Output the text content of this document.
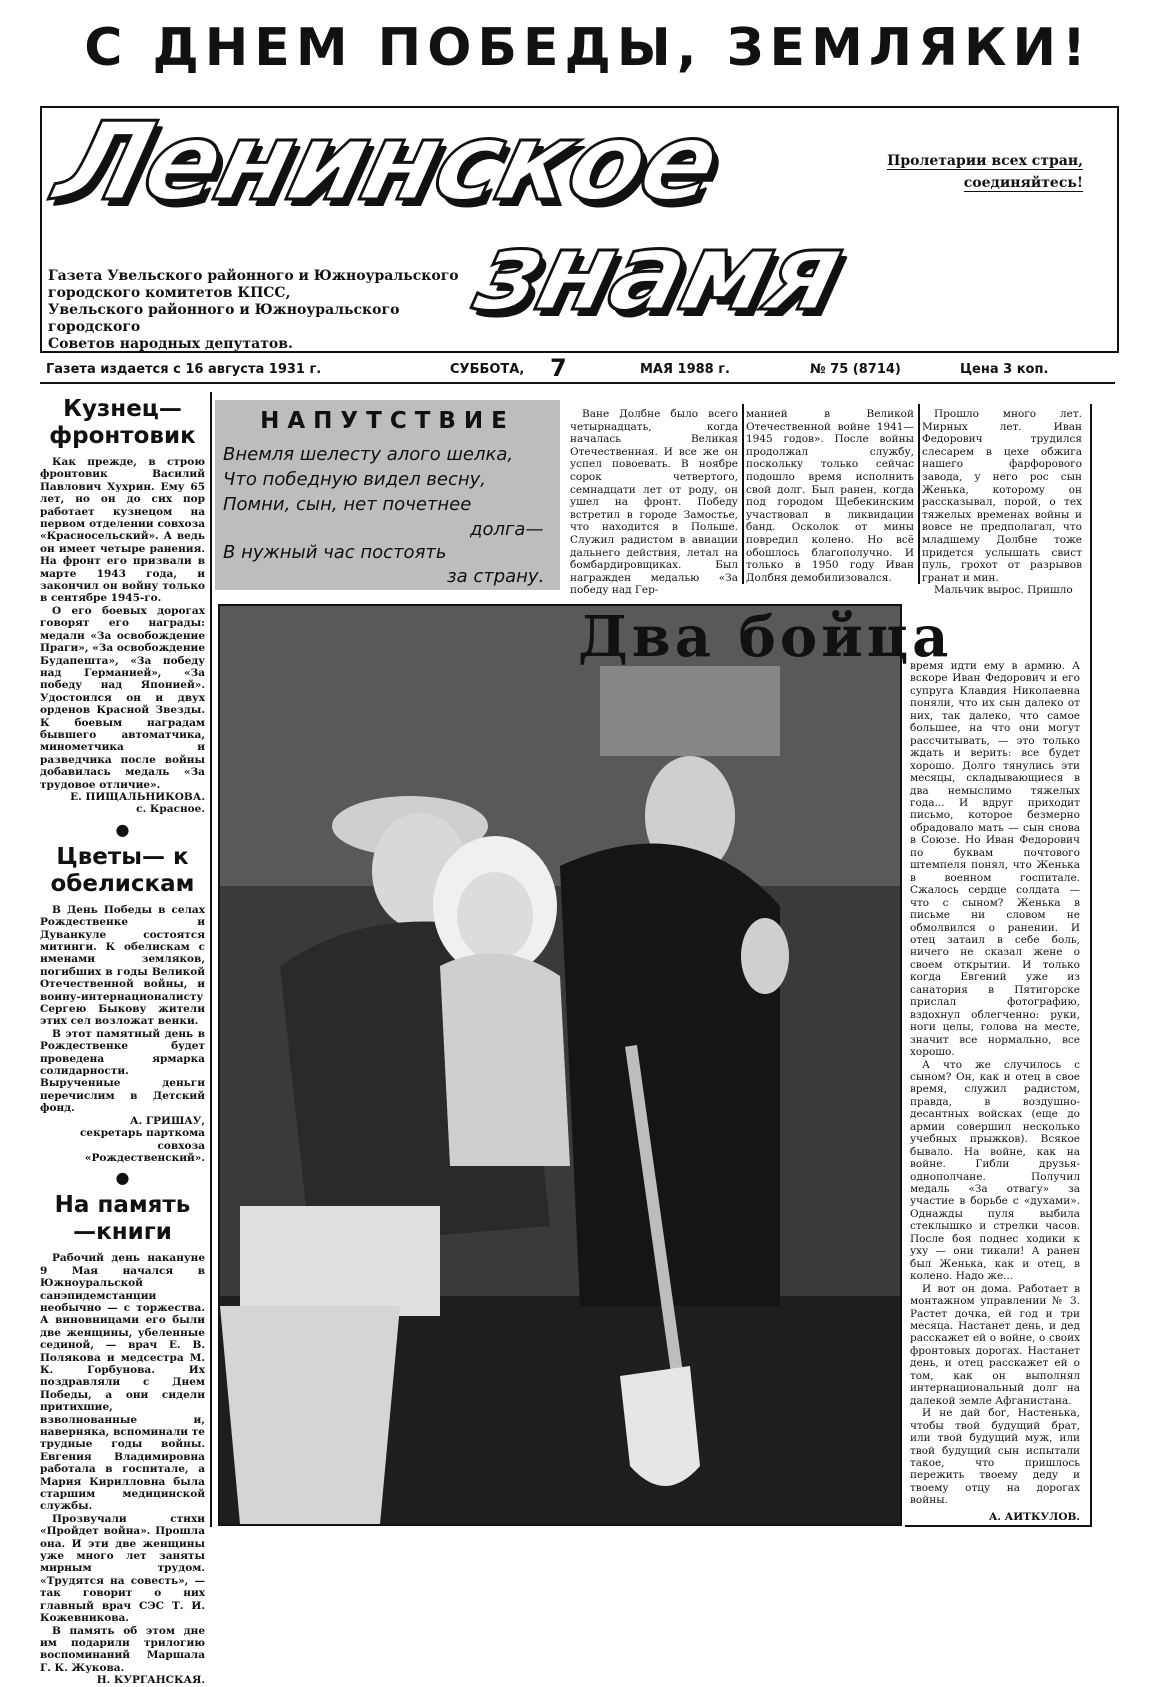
С ДНЕМ ПОБЕДЫ, ЗЕМЛЯКИ!
Ленинское
знамя
Пролетарии всех стран,
соединяйтесь!
Газета Увельского районного и Южноуральского
городского комитетов КПСС,
Увельского районного и Южноуральского городского
Советов народных депутатов.
Газета издается с 16 августа 1931 г.	СУББОТА, 7	МАЯ 1988 г.	№ 75 (8714)	Цена 3 коп.
Кузнец— фронтовик

Как прежде, в строю фронтовик Василий Павлович Хухрин. Ему 65 лет, но он до сих пор работает кузнецом на первом отделении совхоза «Красносельский». А ведь он имеет четыре ранения. На фронт его призвали в марте 1943 года, и закончил он войну только в сентябре 1945-го.

О его боевых дорогах говорят его награды: медали «За освобождение Праги», «За освобождение Будапешта», «За победу над Германией», «За победу над Японией». Удостоился он и двух орденов Красной Звезды. К боевым наградам бывшего автоматчика, минометчика и разведчика после войны добавилась медаль «За трудовое отличие».

Е. ПИЩАЛЬНИКОВА.

с. Красное.

●
Цветы— к обелискам

В День Победы в селах Рождественке и Дуванкуле состоятся митинги. К обелискам с именами земляков, погибших в годы Великой Отечественной войны, и воину-интернационалисту Сергею Быкову жители этих сел возложат венки.

В этот памятный день в Рождественке будет проведена ярмарка солидарности. Вырученные деньги перечислим в Детский фонд.

А. ГРИШАУ,

секретарь парткома совхоза «Рождественский».

●
На память —книги

Рабочий день накануне 9 Мая начался в Южноуральской санэпидемстанции необычно — с торжества. А виновницами его были две женщины, убеленные сединой, — врач Е. В. Полякова и медсестра М. К. Горбунова. Их поздравляли с Днем Победы, а они сидели притихшие, взволнованные и, наверняка, вспоминали те трудные годы войны. Евгения Владимировна работала в госпитале, а Мария Кирилловна была старшим медицинской службы.

Прозвучали стихи «Пройдет война». Прошла она. И эти две женщины уже много лет заняты мирным трудом. «Трудятся на совесть», — так говорит о них главный врач СЭС Т. И. Кожевникова.

В память об этом дне им подарили трилогию воспоминаний Маршала Г. К. Жукова.

Н. КУРГАНСКАЯ.

НАПУТСТВИЕ
Внемля шелесту алого шелка,
Что победную видел весну,
Помни, сын, нет почетнее
долга—
В нужный час постоять
за страну.

Ване Долбне было всего четырнадцать, когда началась Великая Отечественная. И все же он успел повоевать. В ноябре сорок четвертого, семнадцати лет от роду, он ушел на фронт. Победу встретил в городе Замостье, что находится в Польше. Служил радистом в авиации дальнего действия, летал на бомбардировщиках. Был награжден медалью «За победу над Гер-

манией в Великой Отечественной войне 1941—1945 годов». После войны продолжал службу, поскольку только сейчас подошло время исполнить свой долг. Был ранен, когда под городом Щебекинским участвовал в ликвидации банд. Осколок от мины повредил колено. Но всё обошлось благополучно. И только в 1950 году Иван Долбня демобилизовался.

Прошло много лет. Мирных лет. Иван Федорович трудился слесарем в цехе обжига нашего фарфорового завода, у него рос сын Женька, которому он рассказывал, порой, о тех тяжелых временах войны и вовсе не предполагал, что младшему Долбне тоже придется услышать свист пуль, грохот от разрывов гранат и мин.

Мальчик вырос. Пришло

Два бойца

время идти ему в армию. А вскоре Иван Федорович и его супруга Клавдия Николаевна поняли, что их сын далеко от них, так далеко, что самое большее, на что они могут рассчитывать, — это только ждать и верить: все будет хорошо. Долго тянулись эти месяцы, складывающиеся в два немыслимо тяжелых года... И вдруг приходит письмо, которое безмерно обрадовало мать — сын снова в Союзе. Но Иван Федорович по буквам почтового штемпеля понял, что Женька в военном госпитале. Сжалось сердце солдата — что с сыном? Женька в письме ни словом не обмолвился о ранении. И отец затаил в себе боль, ничего не сказал жене о своем открытии. И только когда Евгений уже из санатория в Пятигорске прислал фотографию, вздохнул облегченно: руки, ноги целы, голова на месте, значит все нормально, все хорошо.

А что же случилось с сыном? Он, как и отец в свое время, служил радистом, правда, в воздушно-десантных войсках (еще до армии совершил несколько учебных прыжков). Всякое бывало. На войне, как на войне. Гибли друзья-однополчане. Получил медаль «За отвагу» за участие в борьбе с «духами». Однажды пуля выбила стеклышко и стрелки часов. После боя поднес ходики к уху — они тикали! А ранен был Женька, как и отец, в колено. Надо же...

И вот он дома. Работает в монтажном управлении № 3. Растет дочка, ей год и три месяца. Настанет день, и дед расскажет ей о войне, о своих фронтовых дорогах. Настанет день, и отец расскажет ей о том, как он выполнял интернациональный долг на далекой земле Афганистана.

И не дай бог, Настенька, чтобы твой будущий брат, или твой будущий муж, или твой будущий сын испытали такое, что пришлось пережить твоему деду и твоему отцу на дорогах войны.

А. АИТКУЛОВ.
